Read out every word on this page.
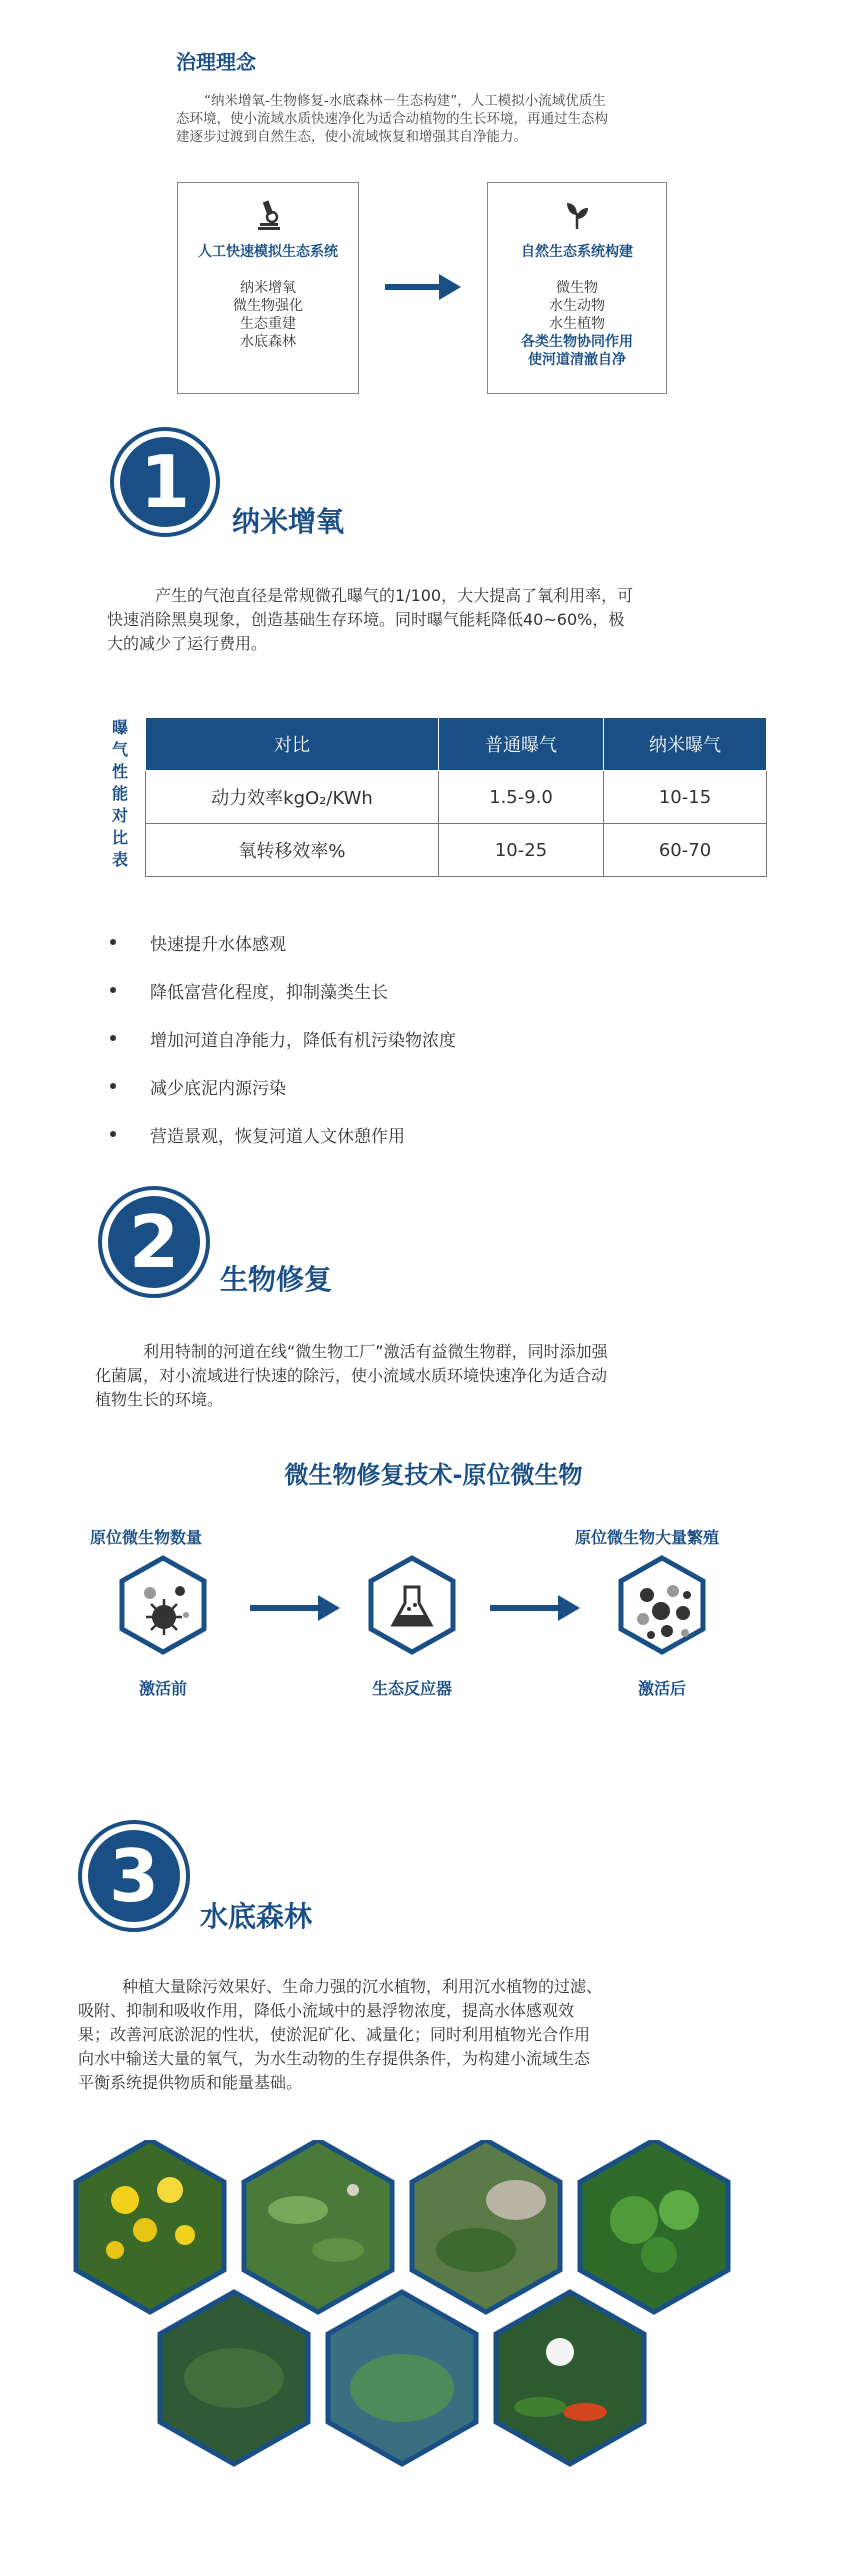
治理理念
“纳米增氧-生物修复-水底森林－生态构建”，人工模拟小流域优质生
态环境，使小流域水质快速净化为适合动植物的生长环境，再通过生态构
建逐步过渡到自然生态，使小流域恢复和增强其自净能力。
人工快速模拟生态系统
纳米增氧
微生物强化
生态重建
水底森林
自然生态系统构建
微生物
水生动物
水生植物
各类生物协同作用
使河道清澈自净
1	纳米增氧
产生的气泡直径是常规微孔曝气的1/100，大大提高了氧利用率，可
快速消除黑臭现象，创造基础生存环境。同时曝气能耗降低40~60%，极
大的减少了运行费用。
曝气性能对比表
对比	普通曝气	纳米曝气
动力效率kgO₂/KWh	1.5-9.0	10-15
氧转移效率%	10-25	60-70
快速提升水体感观
降低富营化程度，抑制藻类生长
增加河道自净能力，降低有机污染物浓度
减少底泥内源污染
营造景观，恢复河道人文休憩作用
2	生物修复
利用特制的河道在线“微生物工厂”激活有益微生物群，同时添加强
化菌属，对小流域进行快速的除污，使小流域水质环境快速净化为适合动
植物生长的环境。
微生物修复技术-原位微生物
原位微生物数量	原位微生物大量繁殖
激活前	生态反应器	激活后
3	水底森林
种植大量除污效果好、生命力强的沉水植物，利用沉水植物的过滤、
吸附、抑制和吸收作用，降低小流域中的悬浮物浓度，提高水体感观效
果；改善河底淤泥的性状，使淤泥矿化、减量化；同时利用植物光合作用
向水中输送大量的氧气，为水生动物的生存提供条件，为构建小流域生态
平衡系统提供物质和能量基础。
